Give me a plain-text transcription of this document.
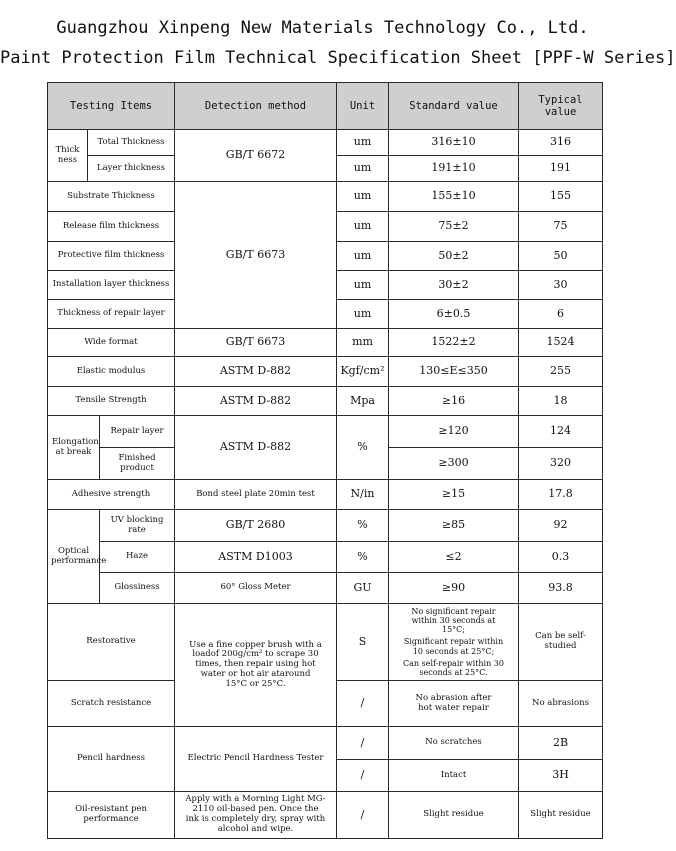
Guangzhou Xinpeng New Materials Technology Co., Ltd.
Paint Protection Film Technical Specification Sheet [PPF-W Series]
Testing Items			Detection method	Unit	Standard value	Typical value
Thickness	Total Thickness		GB/T 6672	um	316±10	316
	Layer thickness			um	191±10	191
Substrate Thickness			GB/T 6673	um	155±10	155
Release film thickness				um	75±2	75
Protective film thickness				um	50±2	50
Installation layer thickness				um	30±2	30
Thickness of repair layer				um	6±0.5	6
Wide format			GB/T 6673	mm	1522±2	1524
Elastic modulus			ASTM D-882	Kgf/cm²	130≤E≤350	255
Tensile Strength			ASTM D-882	Mpa	≥16	18
Elongation at break		Repair layer	ASTM D-882	%	≥120	124
		Finished product			≥300	320
Adhesive strength			Bond steel plate 20min test	N/in	≥15	17.8
Optical performance		UV blocking rate	GB/T 2680	%	≥85	92
		Haze	ASTM D1003	%	≤2	0.3
		Glossiness	60° Gloss Meter	GU	≥90	93.8
Restorative			Use a fine copper brush with a loadof 200g/cm² to scrape 30 times, then repair using hot water or hot air ataround 15°C or 25°C.	S	No significant repair within 30 seconds at 15°C;
Significant repair within 10 seconds at 25°C;
Can self-repair within 30 seconds at 25°C.	Can be self-studied
Scratch resistance				/	No abrasion after hot water repair	No abrasions
Pencil hardness			Electric Pencil Hardness Tester	/	No scratches	2B
				/	Intact	3H
Oil-resistant pen performance			Apply with a Morning Light MG-2110 oil-based pen. Once the ink is completely dry, spray with alcohol and wipe.	/	Slight residue	Slight residue
